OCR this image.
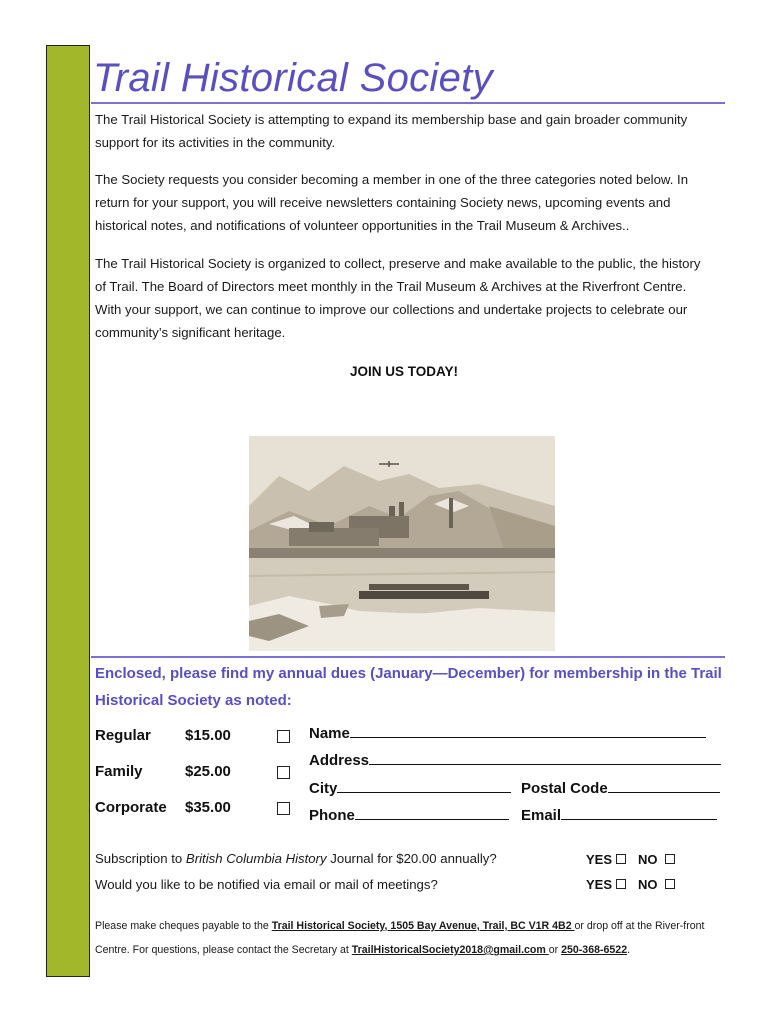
Trail Historical Society

The Trail Historical Society is attempting to expand its membership base and gain broader community support for its activities in the community.

The Society requests you consider becoming a member in one of the three categories noted below. In return for your support, you will receive newsletters containing Society news, upcoming events and historical notes, and notifications of volunteer opportunities in the Trail Museum & Archives..

The Trail Historical Society is organized to collect, preserve and make available to the public, the history of Trail. The Board of Directors meet monthly in the Trail Museum & Archives at the Riverfront Centre. With your support, we can continue to improve our collections and undertake projects to celebrate our community’s significant heritage.

JOIN US TODAY!

Enclosed, please find my annual dues (January—December) for membership in the Trail Historical Society as noted:

Regular $15.00
Family	$25.00
Corporate $35.00
Name
Address
City	Postal Code
Phone	Email
Subscription to British Columbia History Journal for $20.00 annually?	YES NO
Would you like to be notified via email or mail of meetings?	YES NO

Please make cheques payable to the Trail Historical Society, 1505 Bay Avenue, Trail, BC V1R 4B2 or drop off at the River-front Centre. For questions, please contact the Secretary at TrailHistoricalSociety2018@gmail.com or 250-368-6522.
